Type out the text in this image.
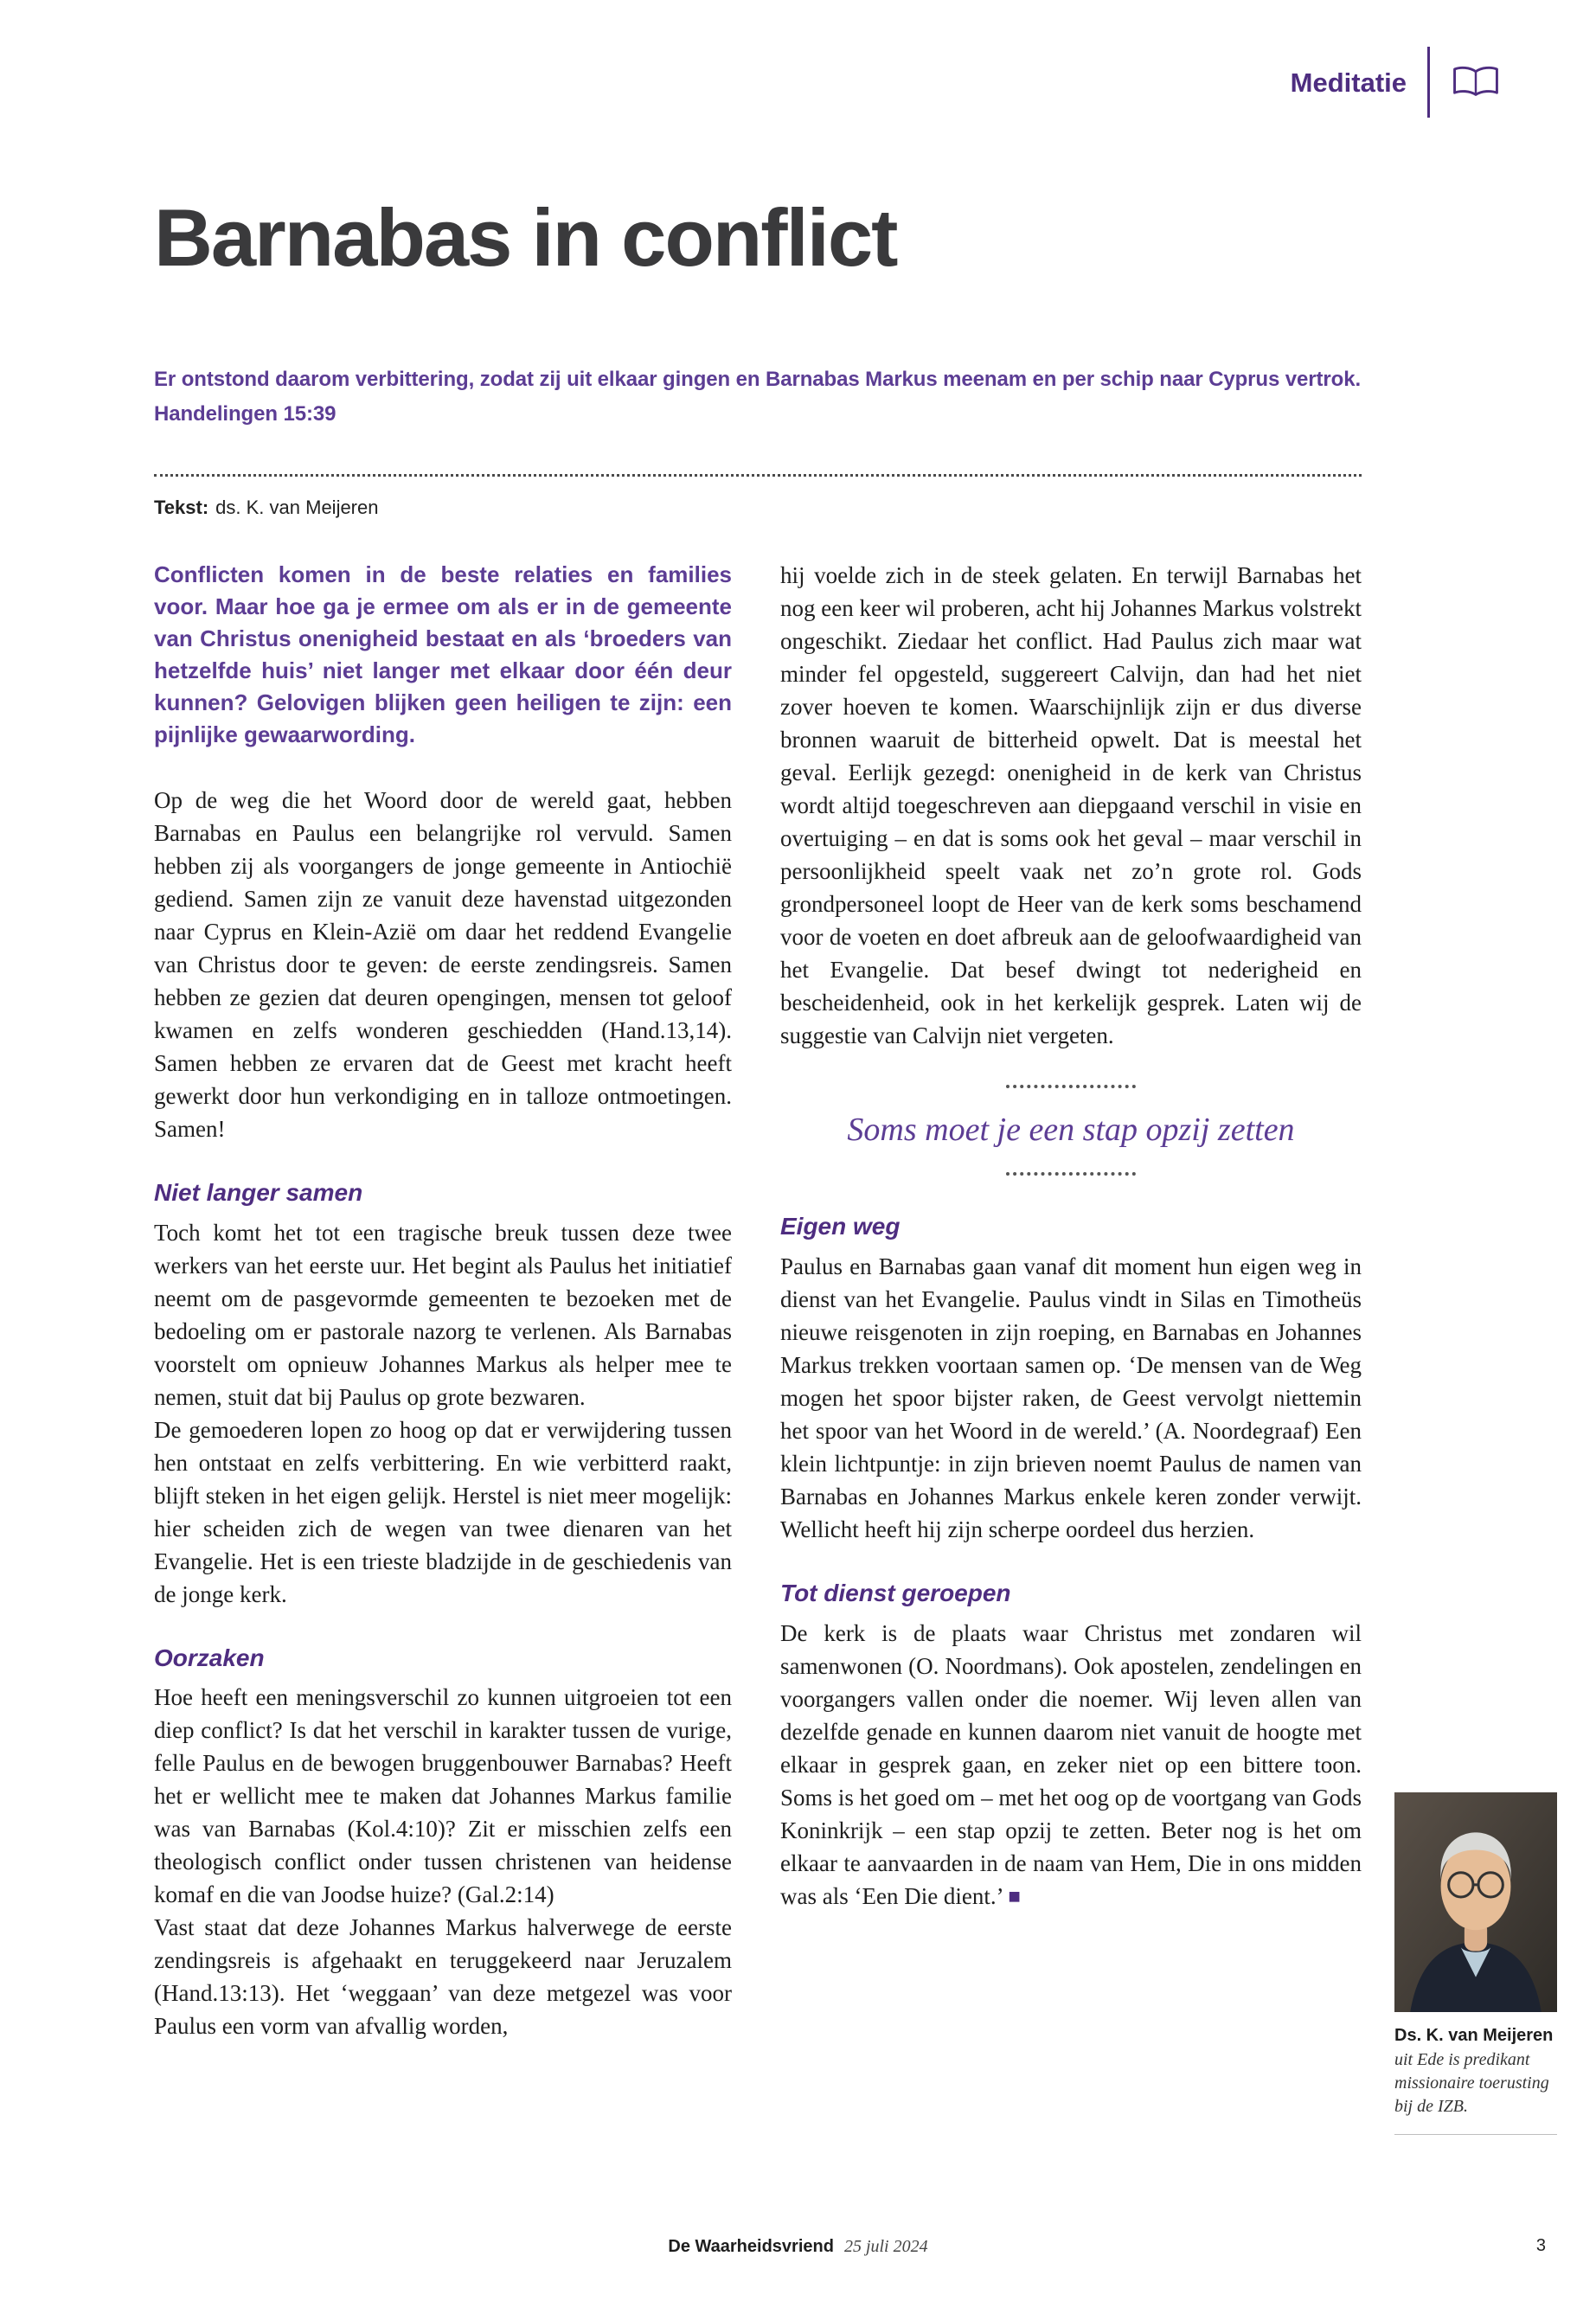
Meditatie
Barnabas in conflict
Er ontstond daarom verbittering, zodat zij uit elkaar gingen en Barnabas Markus meenam en per schip naar Cyprus vertrok.
Handelingen 15:39
Tekst: ds. K. van Meijeren

Conflicten komen in de beste relaties en families voor. Maar hoe ga je ermee om als er in de gemeente van Christus onenigheid bestaat en als ‘broeders van hetzelfde huis’ niet langer met elkaar door één deur kunnen? Gelovigen blijken geen heiligen te zijn: een pijnlijke gewaarwording.

Op de weg die het Woord door de wereld gaat, hebben Barnabas en Paulus een belangrijke rol vervuld. Samen hebben zij als voorgangers de jonge gemeente in Antiochië gediend. Samen zijn ze vanuit deze havenstad uitgezonden naar Cyprus en Klein-Azië om daar het reddend Evangelie van Christus door te geven: de eerste zendingsreis. Samen hebben ze gezien dat deuren opengingen, mensen tot geloof kwamen en zelfs wonderen geschiedden (Hand.13,14). Samen hebben ze ervaren dat de Geest met kracht heeft gewerkt door hun verkondiging en in talloze ontmoetingen. Samen!

Niet langer samen

Toch komt het tot een tragische breuk tussen deze twee werkers van het eerste uur. Het begint als Paulus het initiatief neemt om de pasgevormde gemeenten te bezoeken met de bedoeling om er pastorale nazorg te verlenen. Als Barnabas voorstelt om opnieuw Johannes Markus als helper mee te nemen, stuit dat bij Paulus op grote bezwaren.

De gemoederen lopen zo hoog op dat er verwijdering tussen hen ontstaat en zelfs verbittering. En wie verbitterd raakt, blijft steken in het eigen gelijk. Herstel is niet meer mogelijk: hier scheiden zich de wegen van twee dienaren van het Evangelie. Het is een trieste bladzijde in de geschiedenis van de jonge kerk.

Oorzaken

Hoe heeft een meningsverschil zo kunnen uitgroeien tot een diep conflict? Is dat het verschil in karakter tussen de vurige, felle Paulus en de bewogen bruggenbouwer Barnabas? Heeft het er wellicht mee te maken dat Johannes Markus familie was van Barnabas (Kol.4:10)? Zit er misschien zelfs een theologisch conflict onder tussen christenen van heidense komaf en die van Joodse huize? (Gal.2:14)

Vast staat dat deze Johannes Markus halverwege de eerste zendingsreis is afgehaakt en teruggekeerd naar Jeruzalem (Hand.13:13). Het ‘weggaan’ van deze metgezel was voor Paulus een vorm van afvallig worden,

hij voelde zich in de steek gelaten. En terwijl Barnabas het nog een keer wil proberen, acht hij Johannes Markus volstrekt ongeschikt. Ziedaar het conflict. Had Paulus zich maar wat minder fel opgesteld, suggereert Calvijn, dan had het niet zover hoeven te komen. Waarschijnlijk zijn er dus diverse bronnen waaruit de bitterheid opwelt. Dat is meestal het geval. Eerlijk gezegd: onenigheid in de kerk van Christus wordt altijd toegeschreven aan diepgaand verschil in visie en overtuiging – en dat is soms ook het geval – maar verschil in persoonlijkheid speelt vaak net zo’n grote rol. Gods grondpersoneel loopt de Heer van de kerk soms beschamend voor de voeten en doet afbreuk aan de geloofwaardigheid van het Evangelie. Dat besef dwingt tot nederigheid en bescheidenheid, ook in het kerkelijk gesprek. Laten wij de suggestie van Calvijn niet vergeten.

Soms moet je een stap opzij zetten
Eigen weg

Paulus en Barnabas gaan vanaf dit moment hun eigen weg in dienst van het Evangelie. Paulus vindt in Silas en Timotheüs nieuwe reisgenoten in zijn roeping, en Barnabas en Johannes Markus trekken voortaan samen op. ‘De mensen van de Weg mogen het spoor bijster raken, de Geest vervolgt niettemin het spoor van het Woord in de wereld.’ (A. Noordegraaf) Een klein lichtpuntje: in zijn brieven noemt Paulus de namen van Barnabas en Johannes Markus enkele keren zonder verwijt. Wellicht heeft hij zijn scherpe oordeel dus herzien.

Tot dienst geroepen

De kerk is de plaats waar Christus met zondaren wil samenwonen (O. Noordmans). Ook apostelen, zendelingen en voorgangers vallen onder die noemer. Wij leven allen van dezelfde genade en kunnen daarom niet vanuit de hoogte met elkaar in gesprek gaan, en zeker niet op een bittere toon. Soms is het goed om – met het oog op de voortgang van Gods Koninkrijk – een stap opzij te zetten. Beter nog is het om elkaar te aanvaarden in de naam van Hem, Die in ons midden was als ‘Een Die dient.’ ■

Ds. K. van Meijeren
uit Ede is predikant missionaire toerusting bij de IZB.
De Waarheidsvriend 25 juli 2024	3
